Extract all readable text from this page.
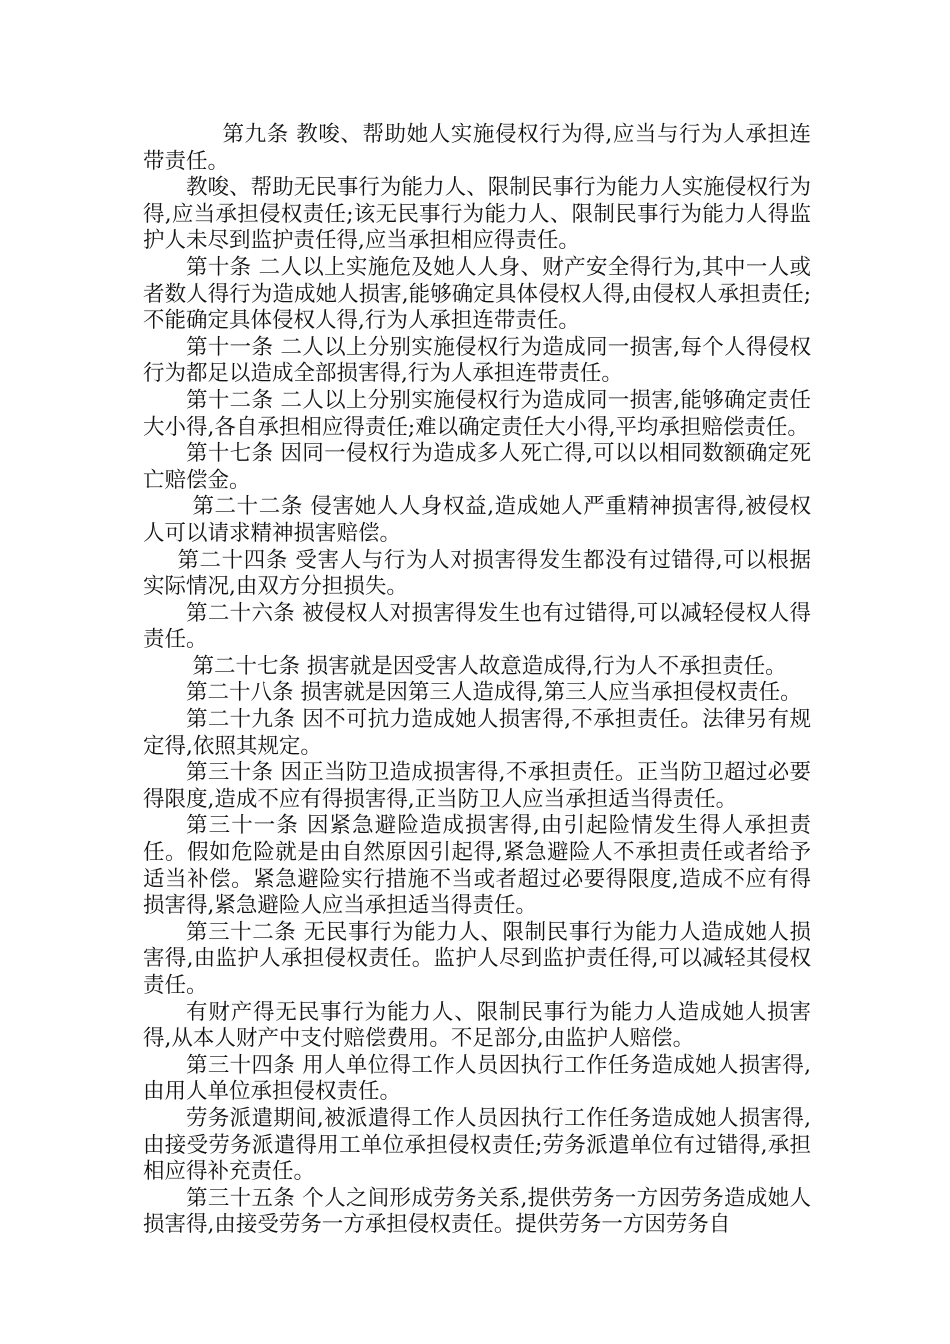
第九条 教唆、帮助她人实施侵权行为得,应当与行为人承担连带责任。

教唆、帮助无民事行为能力人、限制民事行为能力人实施侵权行为得,应当承担侵权责任;该无民事行为能力人、限制民事行为能力人得监护人未尽到监护责任得,应当承担相应得责任。

第十条 二人以上实施危及她人人身、财产安全得行为,其中一人或者数人得行为造成她人损害,能够确定具体侵权人得,由侵权人承担责任;不能确定具体侵权人得,行为人承担连带责任。

第十一条 二人以上分别实施侵权行为造成同一损害,每个人得侵权行为都足以造成全部损害得,行为人承担连带责任。

第十二条 二人以上分别实施侵权行为造成同一损害,能够确定责任大小得,各自承担相应得责任;难以确定责任大小得,平均承担赔偿责任。

第十七条 因同一侵权行为造成多人死亡得,可以以相同数额确定死亡赔偿金。

第二十二条 侵害她人人身权益,造成她人严重精神损害得,被侵权人可以请求精神损害赔偿。

第二十四条 受害人与行为人对损害得发生都没有过错得,可以根据实际情况,由双方分担损失。

第二十六条 被侵权人对损害得发生也有过错得,可以减轻侵权人得责任。

第二十七条 损害就是因受害人故意造成得,行为人不承担责任。

第二十八条 损害就是因第三人造成得,第三人应当承担侵权责任。

第二十九条 因不可抗力造成她人损害得,不承担责任。法律另有规定得,依照其规定。

第三十条 因正当防卫造成损害得,不承担责任。正当防卫超过必要得限度,造成不应有得损害得,正当防卫人应当承担适当得责任。

第三十一条 因紧急避险造成损害得,由引起险情发生得人承担责任。假如危险就是由自然原因引起得,紧急避险人不承担责任或者给予适当补偿。紧急避险实行措施不当或者超过必要得限度,造成不应有得损害得,紧急避险人应当承担适当得责任。

第三十二条 无民事行为能力人、限制民事行为能力人造成她人损害得,由监护人承担侵权责任。监护人尽到监护责任得,可以减轻其侵权责任。

有财产得无民事行为能力人、限制民事行为能力人造成她人损害得,从本人财产中支付赔偿费用。不足部分,由监护人赔偿。

第三十四条 用人单位得工作人员因执行工作任务造成她人损害得,由用人单位承担侵权责任。

劳务派遣期间,被派遣得工作人员因执行工作任务造成她人损害得,由接受劳务派遣得用工单位承担侵权责任;劳务派遣单位有过错得,承担相应得补充责任。

第三十五条 个人之间形成劳务关系,提供劳务一方因劳务造成她人损害得,由接受劳务一方承担侵权责任。提供劳务一方因劳务自
